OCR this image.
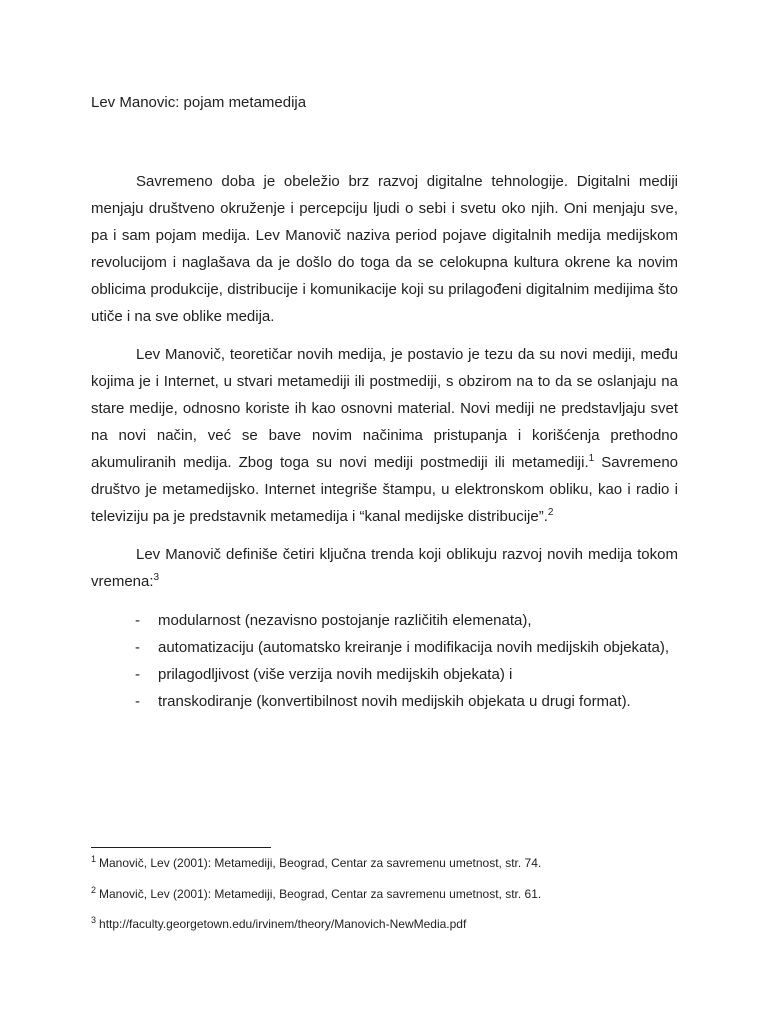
Lev Manovic: pojam metamedija

Savremeno doba je obeležio brz razvoj digitalne tehnologije. Digitalni mediji menjaju društveno okruženje i percepciju ljudi o sebi i svetu oko njih. Oni menjaju sve, pa i sam pojam medija. Lev Manovič naziva period pojave digitalnih medija medijskom revolucijom i naglašava da je došlo do toga da se celokupna kultura okrene ka novim oblicima produkcije, distribucije i komunikacije koji su prilagođeni digitalnim medijima što utiče i na sve oblike medija.

Lev Manovič, teoretičar novih medija, je postavio je tezu da su novi mediji, među kojima je i Internet, u stvari metamediji ili postmediji, s obzirom na to da se oslanjaju na stare medije, odnosno koriste ih kao osnovni material. Novi mediji ne predstavljaju svet na novi način, već se bave novim načinima pristupanja i korišćenja prethodno akumuliranih medija. Zbog toga su novi mediji postmediji ili metamediji.$^1$ Savremeno društvo je metamedijsko. Internet integriše štampu, u elektronskom obliku, kao i radio i televiziju pa je predstavnik metamedija i “kanal medijske distribucije”.$^2$

Lev Manovič definiše četiri ključna trenda koji oblikuju razvoj novih medija tokom vremena:$^3$

- modularnost (nezavisno postojanje različitih elemenata),
- automatizaciju (automatsko kreiranje i modifikacija novih medijskih objekata),
- prilagodljivost (više verzija novih medijskih objekata) i
- transkodiranje (konvertibilnost novih medijskih objekata u drugi format).
$^1$ Manovič, Lev (2001): Metamediji, Beograd, Centar za savremenu umetnost, str. 74.
$^2$ Manovič, Lev (2001): Metamediji, Beograd, Centar za savremenu umetnost, str. 61.
$^3$ http://faculty.georgetown.edu/irvinem/theory/Manovich-NewMedia.pdf
